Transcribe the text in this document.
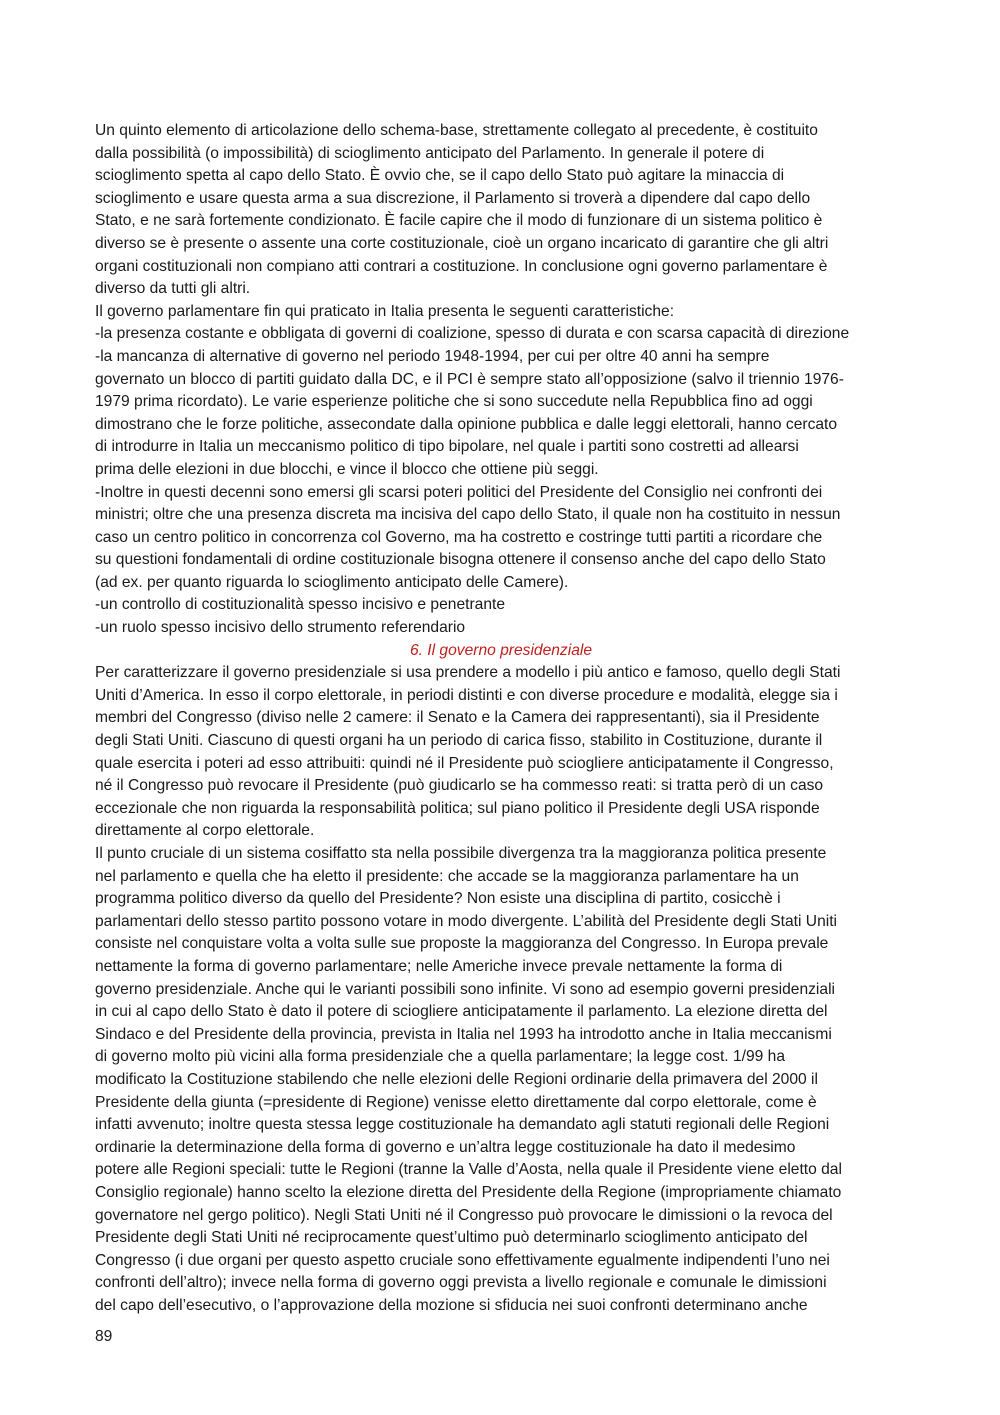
Un quinto elemento di articolazione dello schema-base, strettamente collegato al precedente, è costituito
dalla possibilità (o impossibilità) di scioglimento anticipato del Parlamento. In generale il potere di
scioglimento spetta al capo dello Stato. È ovvio che, se il capo dello Stato può agitare la minaccia di
scioglimento e usare questa arma a sua discrezione, il Parlamento si troverà a dipendere dal capo dello
Stato, e ne sarà fortemente condizionato. È facile capire che il modo di funzionare di un sistema politico è
diverso se è presente o assente una corte costituzionale, cioè un organo incaricato di garantire che gli altri
organi costituzionali non compiano atti contrari a costituzione. In conclusione ogni governo parlamentare è
diverso da tutti gli altri.
Il governo parlamentare fin qui praticato in Italia presenta le seguenti caratteristiche:
-la presenza costante e obbligata di governi di coalizione, spesso di durata e con scarsa capacità di direzione
-la mancanza di alternative di governo nel periodo 1948-1994, per cui per oltre 40 anni ha sempre
governato un blocco di partiti guidato dalla DC, e il PCI è sempre stato all’opposizione (salvo il triennio 1976-
1979 prima ricordato). Le varie esperienze politiche che si sono succedute nella Repubblica fino ad oggi
dimostrano che le forze politiche, assecondate dalla opinione pubblica e dalle leggi elettorali, hanno cercato
di introdurre in Italia un meccanismo politico di tipo bipolare, nel quale i partiti sono costretti ad allearsi
prima delle elezioni in due blocchi, e vince il blocco che ottiene più seggi.
-Inoltre in questi decenni sono emersi gli scarsi poteri politici del Presidente del Consiglio nei confronti dei
ministri; oltre che una presenza discreta ma incisiva del capo dello Stato, il quale non ha costituito in nessun
caso un centro politico in concorrenza col Governo, ma ha costretto e costringe tutti partiti a ricordare che
su questioni fondamentali di ordine costituzionale bisogna ottenere il consenso anche del capo dello Stato
(ad ex. per quanto riguarda lo scioglimento anticipato delle Camere).
-un controllo di costituzionalità spesso incisivo e penetrante
-un ruolo spesso incisivo dello strumento referendario
6. Il governo presidenziale
Per caratterizzare il governo presidenziale si usa prendere a modello i più antico e famoso, quello degli Stati
Uniti d’America. In esso il corpo elettorale, in periodi distinti e con diverse procedure e modalità, elegge sia i
membri del Congresso (diviso nelle 2 camere: il Senato e la Camera dei rappresentanti), sia il Presidente
degli Stati Uniti. Ciascuno di questi organi ha un periodo di carica fisso, stabilito in Costituzione, durante il
quale esercita i poteri ad esso attribuiti: quindi né il Presidente può sciogliere anticipatamente il Congresso,
né il Congresso può revocare il Presidente (può giudicarlo se ha commesso reati: si tratta però di un caso
eccezionale che non riguarda la responsabilità politica; sul piano politico il Presidente degli USA risponde
direttamente al corpo elettorale.
Il punto cruciale di un sistema cosiffatto sta nella possibile divergenza tra la maggioranza politica presente
nel parlamento e quella che ha eletto il presidente: che accade se la maggioranza parlamentare ha un
programma politico diverso da quello del Presidente? Non esiste una disciplina di partito, cosicchè i
parlamentari dello stesso partito possono votare in modo divergente. L’abilità del Presidente degli Stati Uniti
consiste nel conquistare volta a volta sulle sue proposte la maggioranza del Congresso. In Europa prevale
nettamente la forma di governo parlamentare; nelle Americhe invece prevale nettamente la forma di
governo presidenziale. Anche qui le varianti possibili sono infinite. Vi sono ad esempio governi presidenziali
in cui al capo dello Stato è dato il potere di sciogliere anticipatamente il parlamento. La elezione diretta del
Sindaco e del Presidente della provincia, prevista in Italia nel 1993 ha introdotto anche in Italia meccanismi
di governo molto più vicini alla forma presidenziale che a quella parlamentare; la legge cost. 1/99 ha
modificato la Costituzione stabilendo che nelle elezioni delle Regioni ordinarie della primavera del 2000 il
Presidente della giunta (=presidente di Regione) venisse eletto direttamente dal corpo elettorale, come è
infatti avvenuto; inoltre questa stessa legge costituzionale ha demandato agli statuti regionali delle Regioni
ordinarie la determinazione della forma di governo e un’altra legge costituzionale ha dato il medesimo
potere alle Regioni speciali: tutte le Regioni (tranne la Valle d’Aosta, nella quale il Presidente viene eletto dal
Consiglio regionale) hanno scelto la elezione diretta del Presidente della Regione (impropriamente chiamato
governatore nel gergo politico). Negli Stati Uniti né il Congresso può provocare le dimissioni o la revoca del
Presidente degli Stati Uniti né reciprocamente quest’ultimo può determinarlo scioglimento anticipato del
Congresso (i due organi per questo aspetto cruciale sono effettivamente egualmente indipendenti l’uno nei
confronti dell’altro); invece nella forma di governo oggi prevista a livello regionale e comunale le dimissioni
del capo dell’esecutivo, o l’approvazione della mozione si sfiducia nei suoi confronti determinano anche
89
